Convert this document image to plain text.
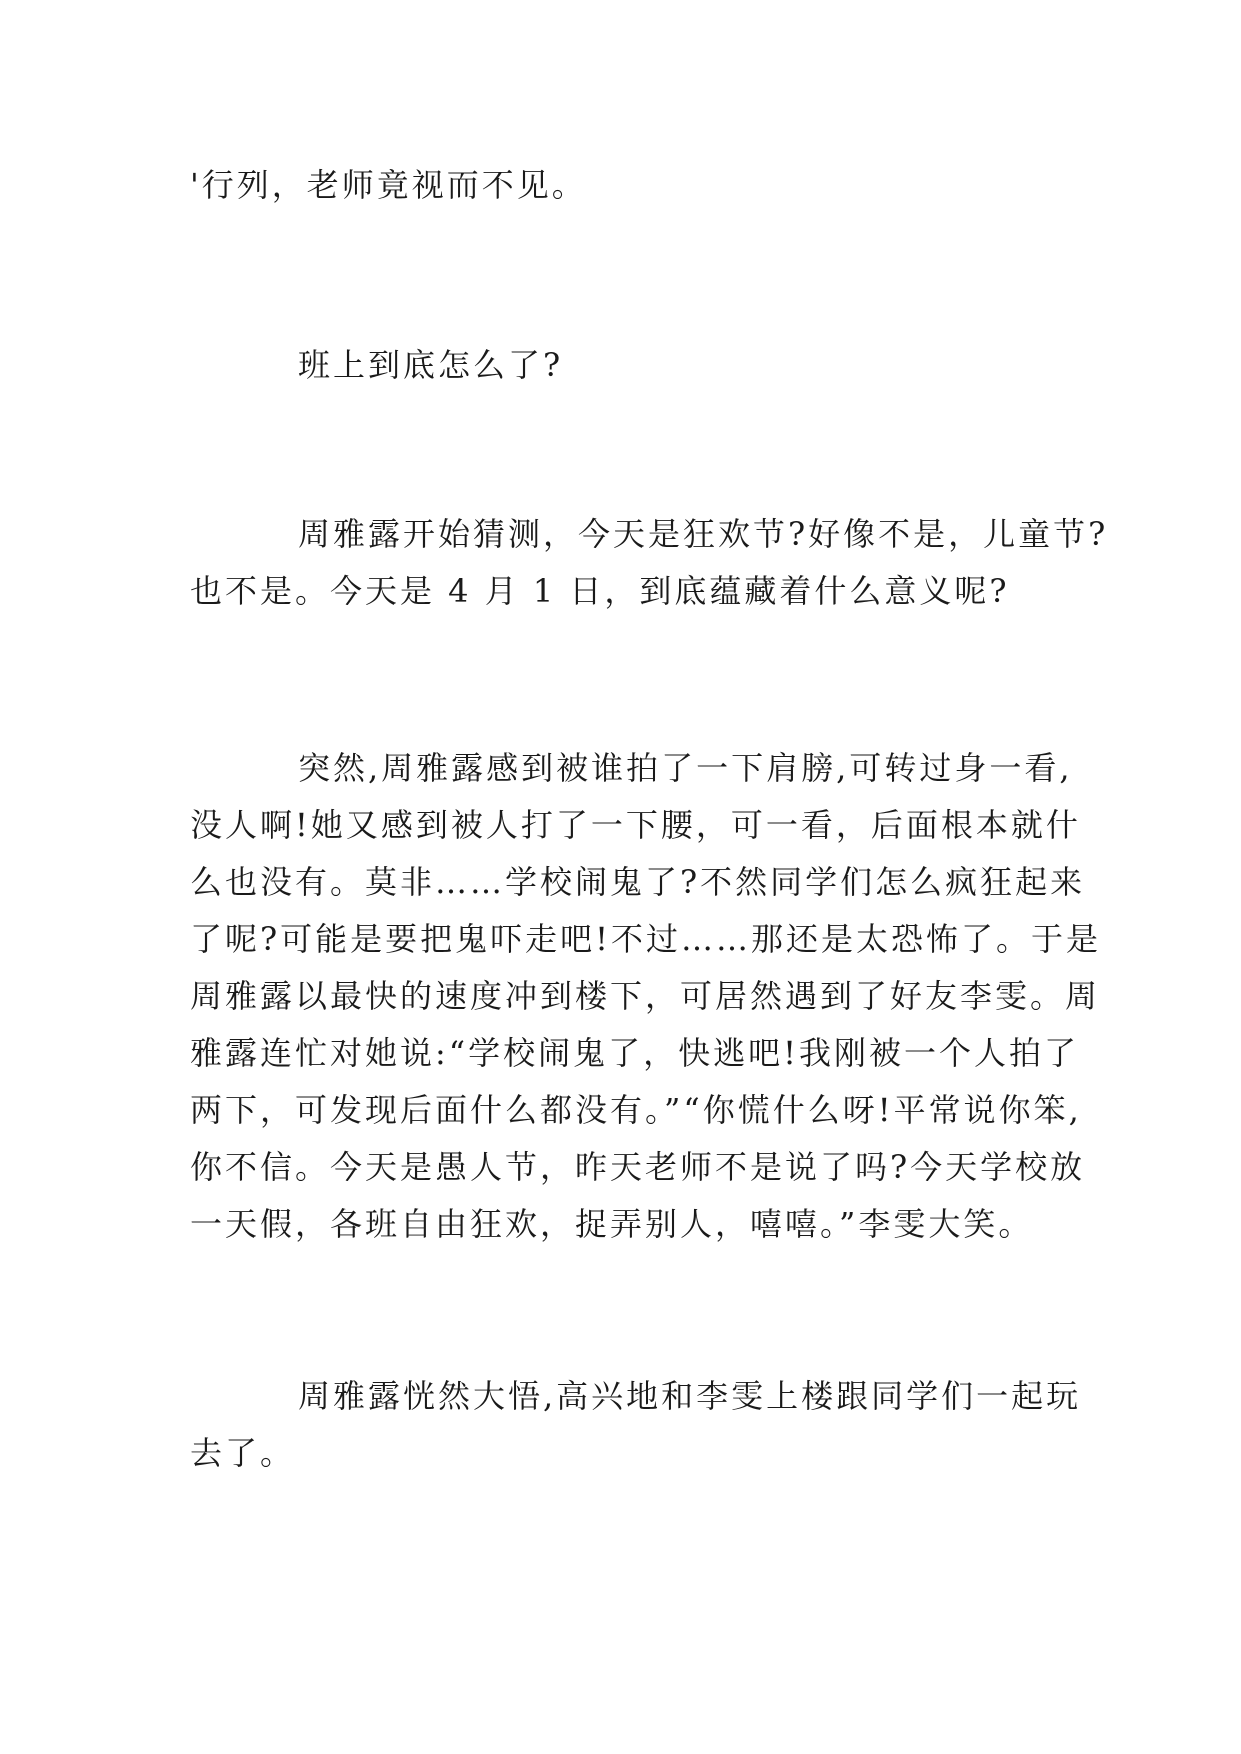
'行列，老师竟视而不见。

班上到底怎么了?

周雅露开始猜测，今天是狂欢节?好像不是，儿童节?
也不是。今天是 4 月 1 日，到底蕴藏着什么意义呢?

突然,周雅露感到被谁拍了一下肩膀,可转过身一看,
没人啊!她又感到被人打了一下腰，可一看，后面根本就什
么也没有。莫非……学校闹鬼了?不然同学们怎么疯狂起来
了呢?可能是要把鬼吓走吧!不过……那还是太恐怖了。于是
周雅露以最快的速度冲到楼下，可居然遇到了好友李雯。周
雅露连忙对她说:“学校闹鬼了，快逃吧!我刚被一个人拍了
两下，可发现后面什么都没有。”“你慌什么呀!平常说你笨,
你不信。今天是愚人节，昨天老师不是说了吗?今天学校放
一天假，各班自由狂欢，捉弄别人，嘻嘻。”李雯大笑。

周雅露恍然大悟,高兴地和李雯上楼跟同学们一起玩
去了。
